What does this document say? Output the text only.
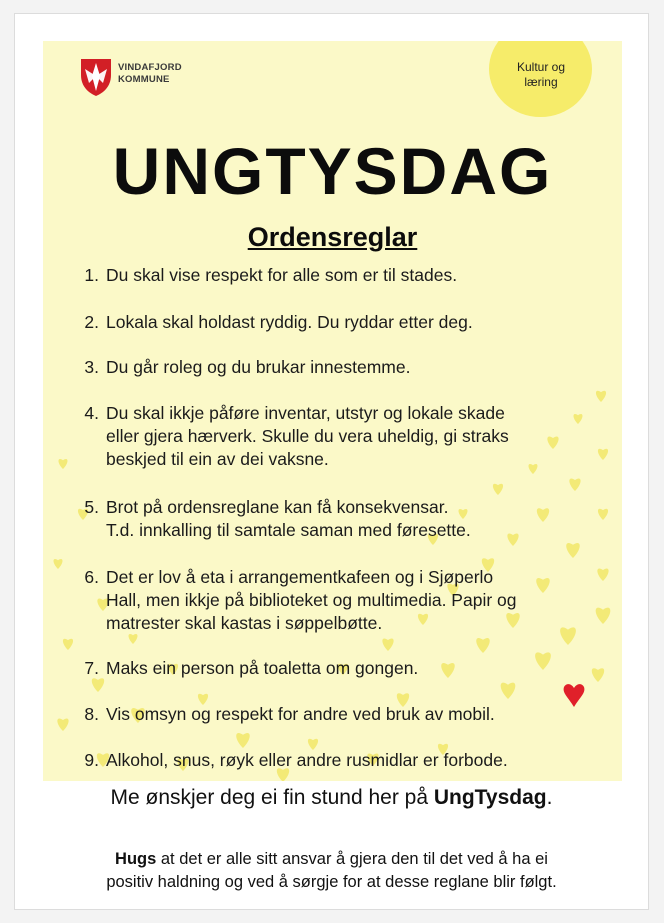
Kultur og
læring
VINDAFJORD
KOMMUNE
UNGTYSDAG
Ordensreglar
1. Du skal vise respekt for alle som er til stades.
2. Lokala skal holdast ryddig. Du ryddar etter deg.
3. Du går roleg og du brukar innestemme.
4. Du skal ikkje påføre inventar, utstyr og lokale skade
eller gjera hærverk. Skulle du vera uheldig, gi straks
beskjed til ein av dei vaksne.
5. Brot på ordensreglane kan få konsekvensar.
T.d. innkalling til samtale saman med føresette.
6. Det er lov å eta i arrangementkafeen og i Sjøperlo
Hall, men ikkje på biblioteket og multimedia. Papir og
matrester skal kastas i søppelbøtte.
7. Maks ein person på toaletta om gongen.
8. Vis omsyn og respekt for andre ved bruk av mobil.
9. Alkohol, snus, røyk eller andre rusmidlar er forbode.
Me ønskjer deg ei fin stund her på UngTysdag.
Hugs at det er alle sitt ansvar å gjera den til det ved å ha ei
positiv haldning og ved å sørgje for at desse reglane blir følgt.
